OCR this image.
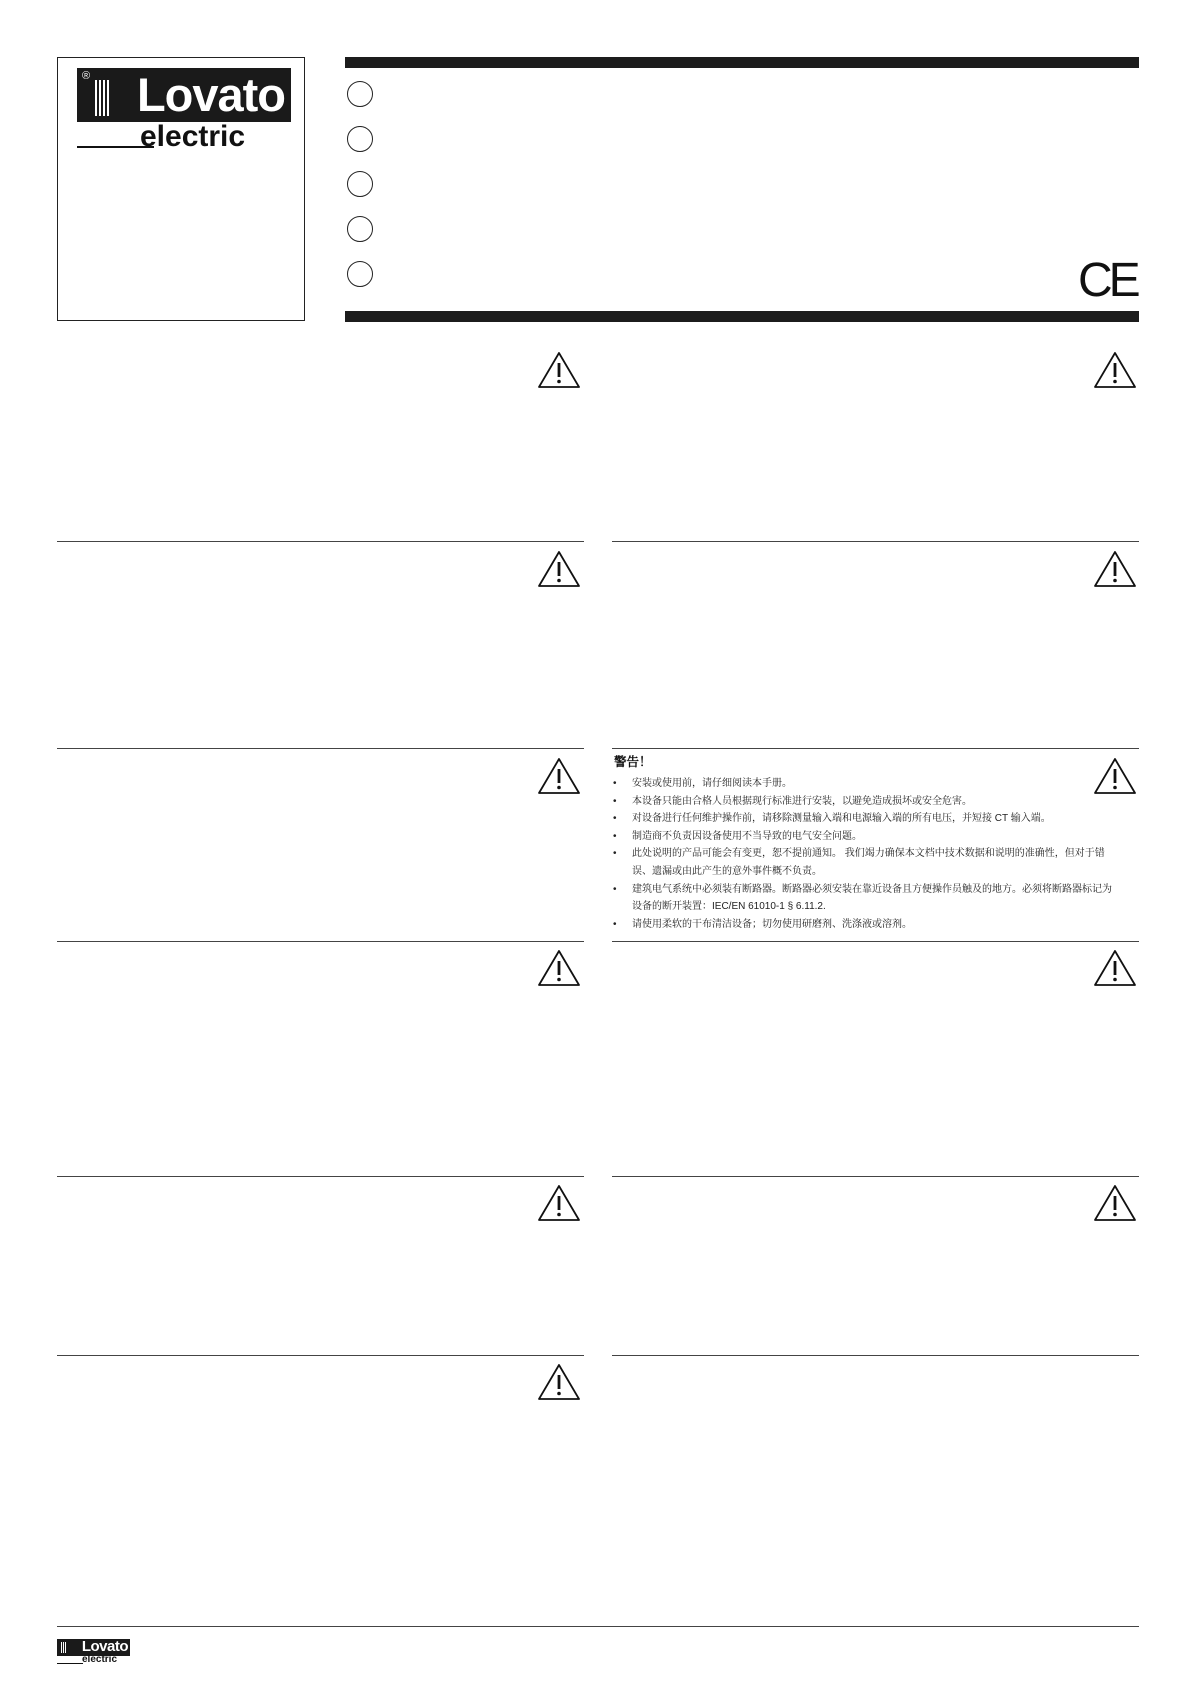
® Lovato
electric
CE
警告！
• 安装或使用前，请仔细阅读本手册。
• 本设备只能由合格人员根据现行标准进行安装，以避免造成损坏或安全危害。
• 对设备进行任何维护操作前，请移除测量输入端和电源输入端的所有电压，并短接 CT 输入端。
• 制造商不负责因设备使用不当导致的电气安全问题。
• 此处说明的产品可能会有变更，恕不提前通知。 我们竭力确保本文档中技术数据和说明的准确性，但对于错误、遗漏或由此产生的意外事件概不负责。
• 建筑电气系统中必须装有断路器。断路器必须安装在靠近设备且方便操作员触及的地方。必须将断路器标记为设备的断开装置：IEC/EN 61010-1 § 6.11.2.
• 请使用柔软的干布清洁设备；切勿使用研磨剂、洗涤液或溶剂。
Lovato
electric
